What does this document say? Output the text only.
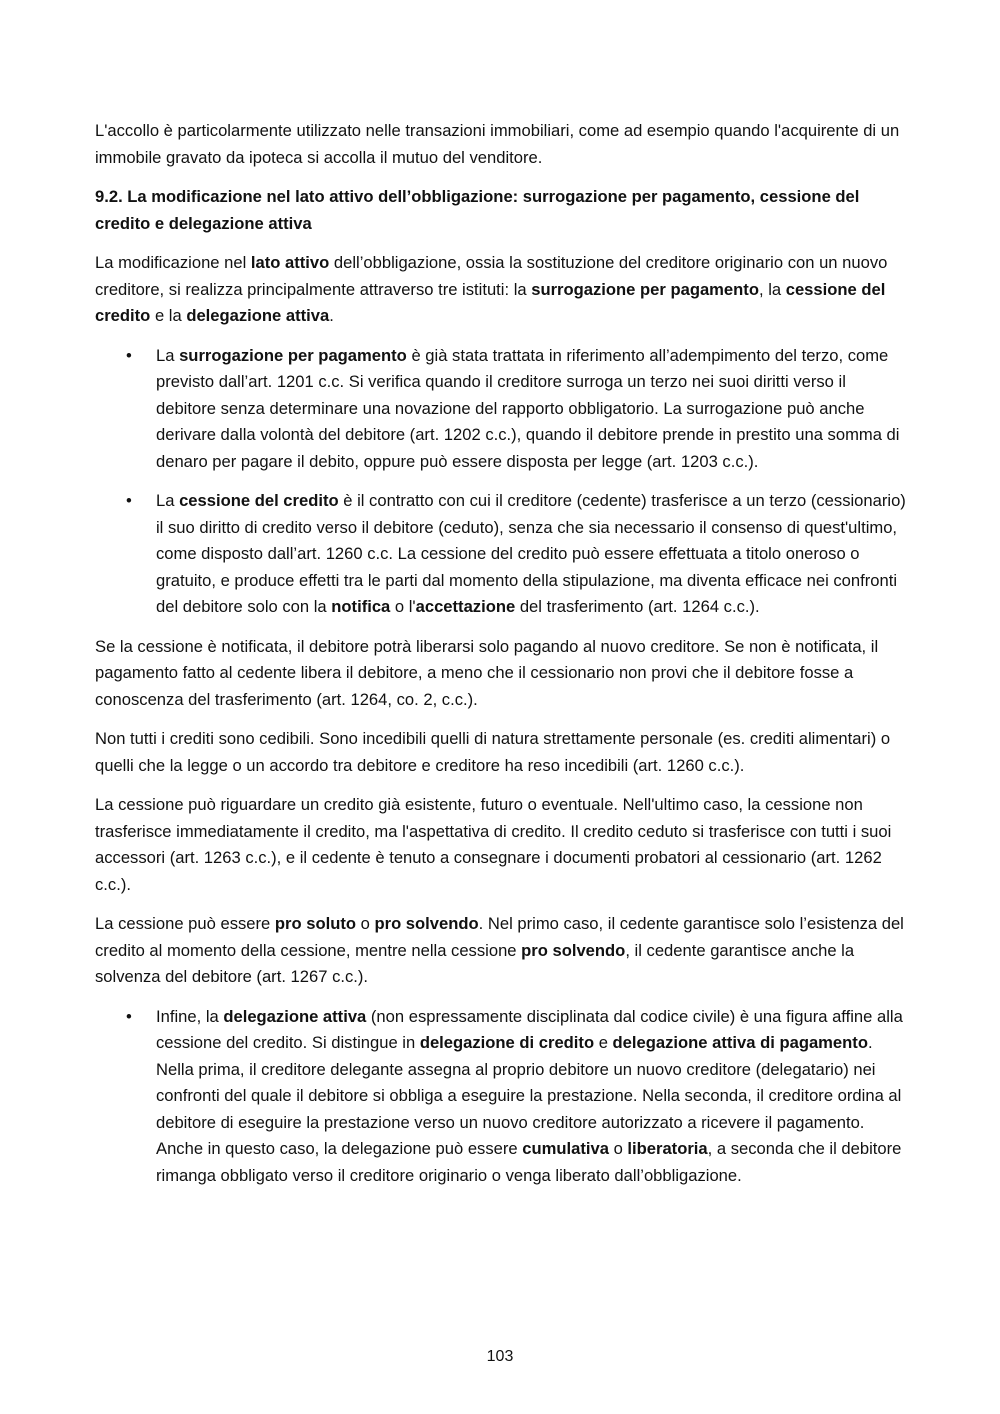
L'accollo è particolarmente utilizzato nelle transazioni immobiliari, come ad esempio quando l'acquirente di un immobile gravato da ipoteca si accolla il mutuo del venditore.

9.2. La modificazione nel lato attivo dell’obbligazione: surrogazione per pagamento, cessione del credito e delegazione attiva

La modificazione nel lato attivo dell’obbligazione, ossia la sostituzione del creditore originario con un nuovo creditore, si realizza principalmente attraverso tre istituti: la surrogazione per pagamento, la cessione del credito e la delegazione attiva.

• La surrogazione per pagamento è già stata trattata in riferimento all’adempimento del terzo, come previsto dall’art. 1201 c.c. Si verifica quando il creditore surroga un terzo nei suoi diritti verso il debitore senza determinare una novazione del rapporto obbligatorio. La surrogazione può anche derivare dalla volontà del debitore (art. 1202 c.c.), quando il debitore prende in prestito una somma di denaro per pagare il debito, oppure può essere disposta per legge (art. 1203 c.c.).
• La cessione del credito è il contratto con cui il creditore (cedente) trasferisce a un terzo (cessionario) il suo diritto di credito verso il debitore (ceduto), senza che sia necessario il consenso di quest'ultimo, come disposto dall’art. 1260 c.c. La cessione del credito può essere effettuata a titolo oneroso o gratuito, e produce effetti tra le parti dal momento della stipulazione, ma diventa efficace nei confronti del debitore solo con la notifica o l'accettazione del trasferimento (art. 1264 c.c.).

Se la cessione è notificata, il debitore potrà liberarsi solo pagando al nuovo creditore. Se non è notificata, il pagamento fatto al cedente libera il debitore, a meno che il cessionario non provi che il debitore fosse a conoscenza del trasferimento (art. 1264, co. 2, c.c.).

Non tutti i crediti sono cedibili. Sono incedibili quelli di natura strettamente personale (es. crediti alimentari) o quelli che la legge o un accordo tra debitore e creditore ha reso incedibili (art. 1260 c.c.).

La cessione può riguardare un credito già esistente, futuro o eventuale. Nell'ultimo caso, la cessione non trasferisce immediatamente il credito, ma l'aspettativa di credito. Il credito ceduto si trasferisce con tutti i suoi accessori (art. 1263 c.c.), e il cedente è tenuto a consegnare i documenti probatori al cessionario (art. 1262 c.c.).

La cessione può essere pro soluto o pro solvendo. Nel primo caso, il cedente garantisce solo l’esistenza del credito al momento della cessione, mentre nella cessione pro solvendo, il cedente garantisce anche la solvenza del debitore (art. 1267 c.c.).

• Infine, la delegazione attiva (non espressamente disciplinata dal codice civile) è una figura affine alla cessione del credito. Si distingue in delegazione di credito e delegazione attiva di pagamento. Nella prima, il creditore delegante assegna al proprio debitore un nuovo creditore (delegatario) nei confronti del quale il debitore si obbliga a eseguire la prestazione. Nella seconda, il creditore ordina al debitore di eseguire la prestazione verso un nuovo creditore autorizzato a ricevere il pagamento. Anche in questo caso, la delegazione può essere cumulativa o liberatoria, a seconda che il debitore rimanga obbligato verso il creditore originario o venga liberato dall’obbligazione.
103
